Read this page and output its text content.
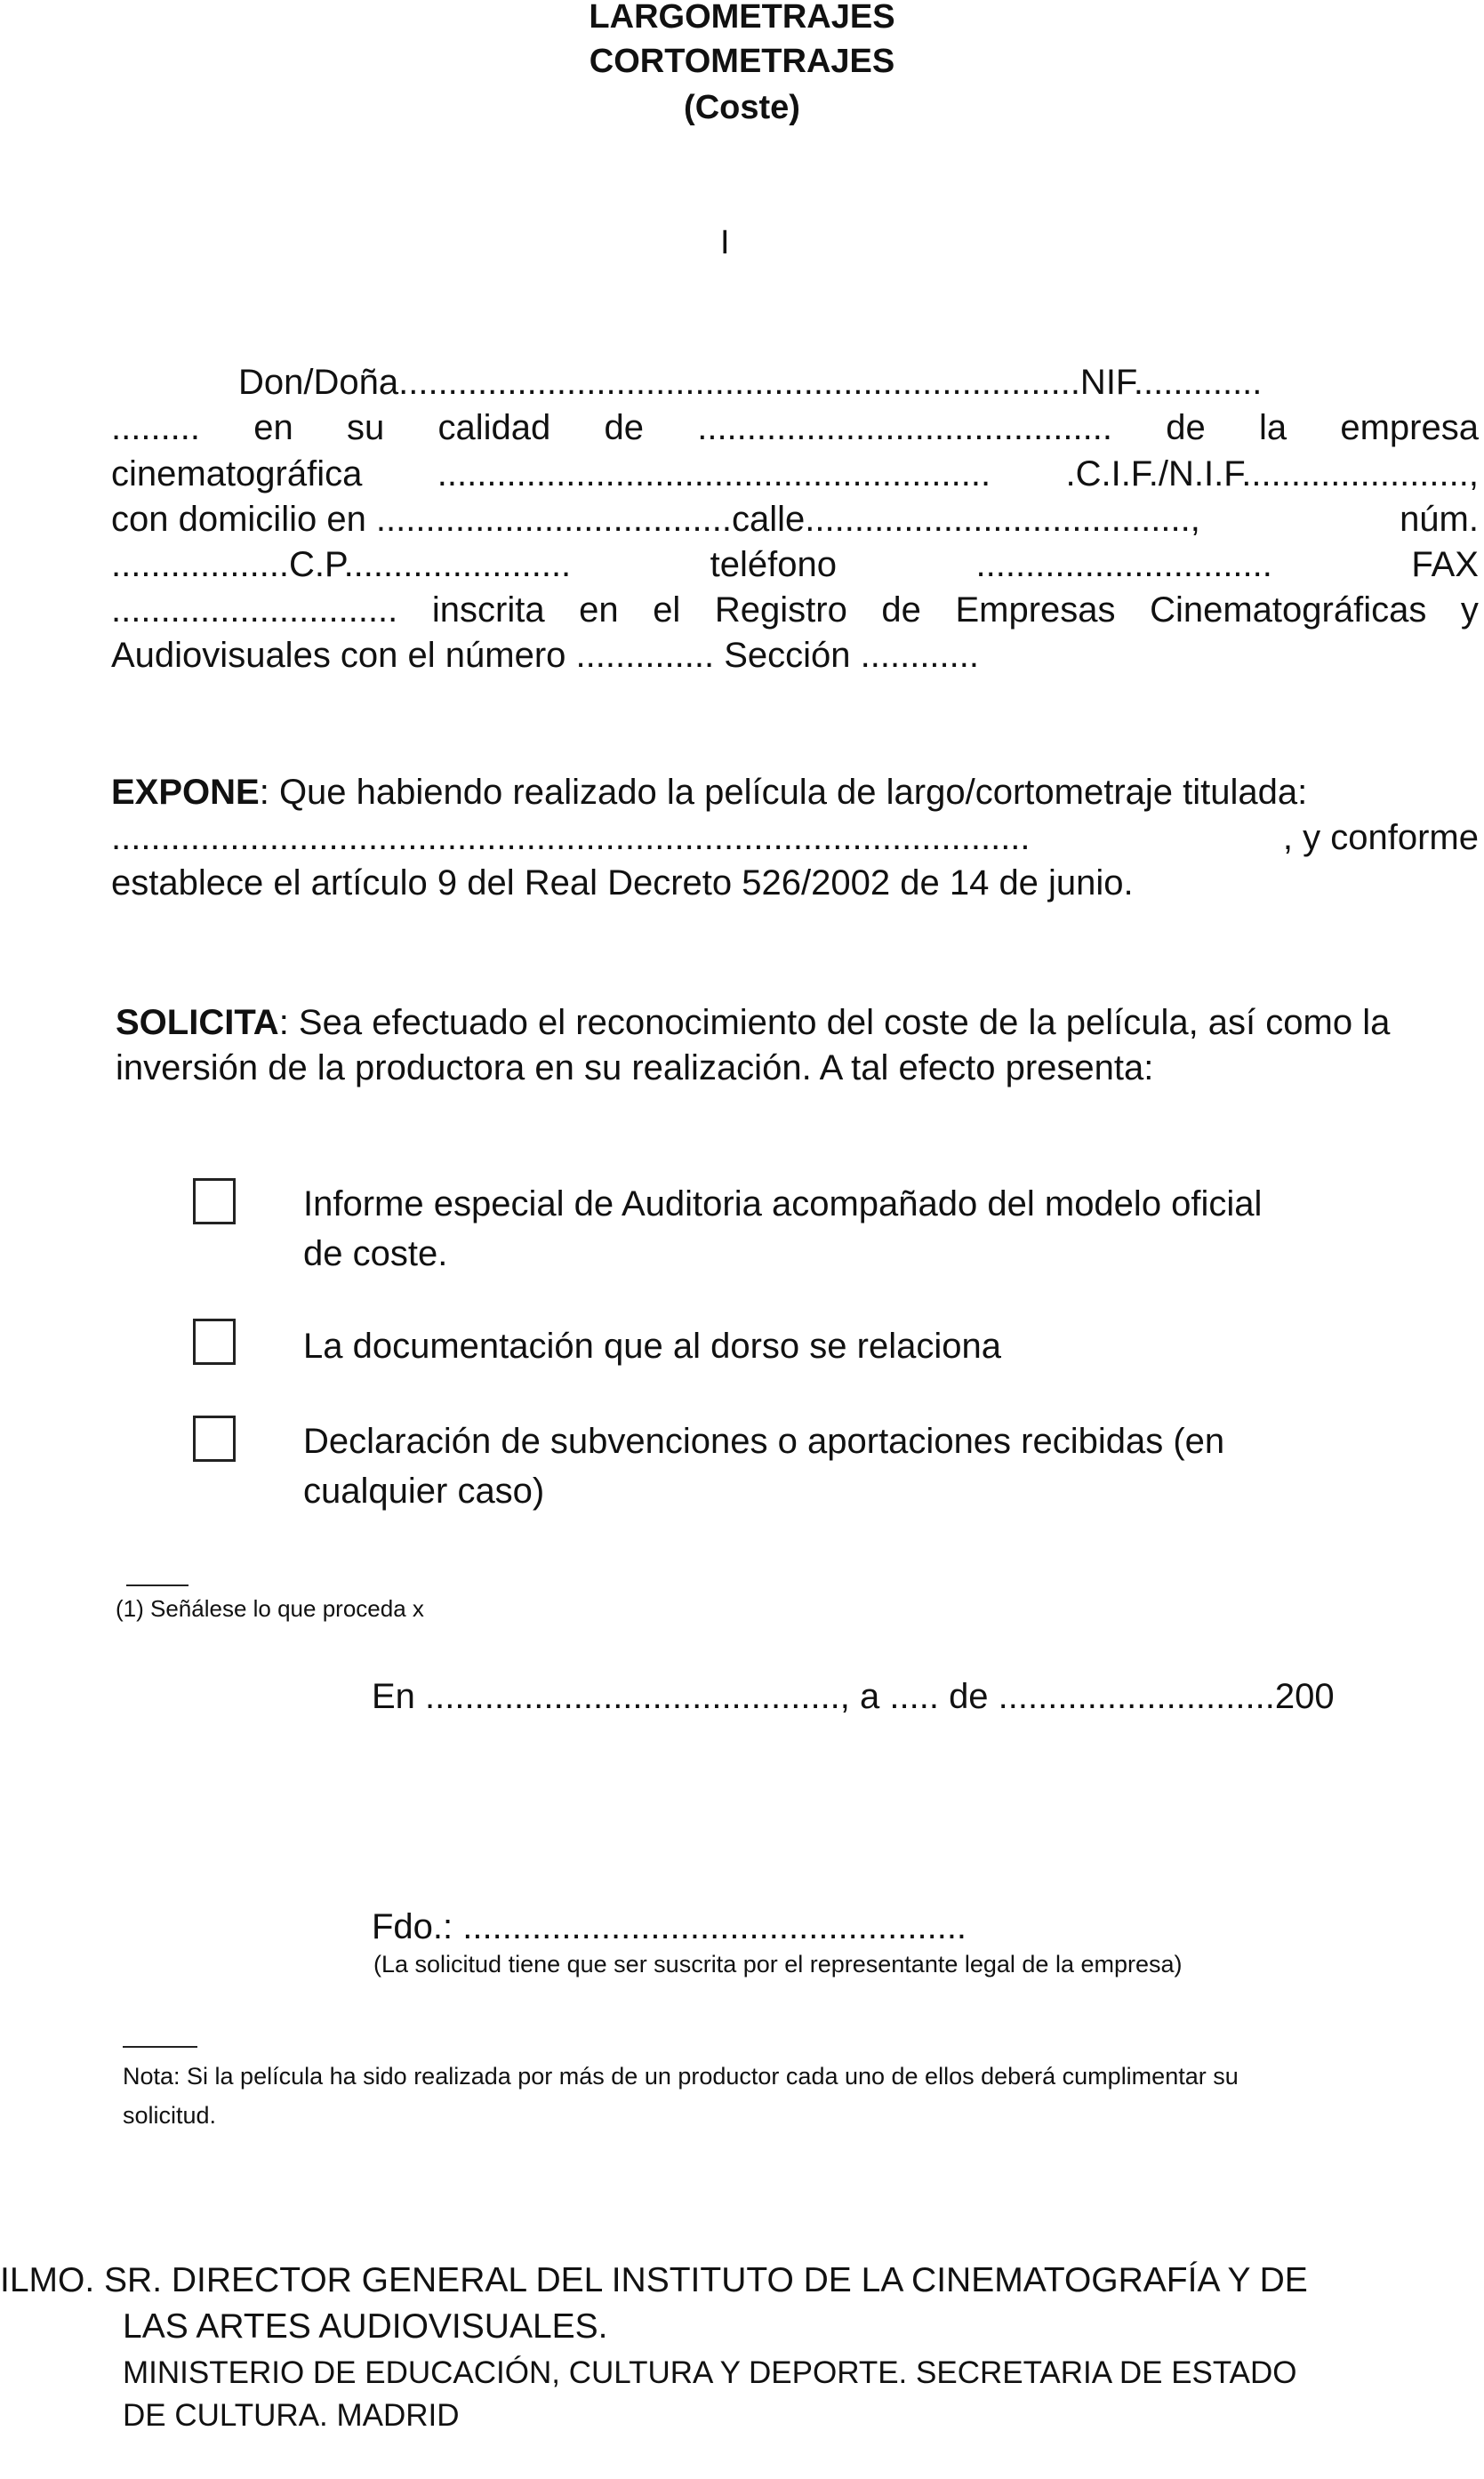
LARGOMETRAJES
CORTOMETRAJES
(Coste)
I
Don/Doña.....................................................................NIF.............
......... en su calidad de .......................................... de la empresa
cinematográfica ........................................................ .C.I.F./N.I.F.......................,
con domicilio en ....................................calle.......................................,	núm.
..................C.P.......................	teléfono	..............................	FAX
............................. inscrita en el Registro de Empresas Cinematográficas y
Audiovisuales con el número .............. Sección ............
EXPONE: Que habiendo realizado la película de largo/cortometraje titulada:
.............................................................................................	, y conforme
establece el artículo 9 del Real Decreto 526/2002 de 14 de junio.
SOLICITA: Sea efectuado el reconocimiento del coste de la película, así como la
inversión de la productora en su realización. A tal efecto presenta:
Informe especial de Auditoria acompañado del modelo oficial
de coste.
La documentación que al dorso se relaciona
Declaración de subvenciones o aportaciones recibidas (en
cualquier caso)
(1) Señálese lo que proceda x
En .........................................., a ..... de ............................200
Fdo.: ...................................................
(La solicitud tiene que ser suscrita por el representante legal de la empresa)
Nota: Si la película ha sido realizada por más de un productor cada uno de ellos deberá cumplimentar su
solicitud.
ILMO. SR. DIRECTOR GENERAL DEL INSTITUTO DE LA CINEMATOGRAFÍA Y DE
LAS ARTES AUDIOVISUALES.
MINISTERIO DE EDUCACIÓN, CULTURA Y DEPORTE. SECRETARIA DE ESTADO
DE CULTURA. MADRID
